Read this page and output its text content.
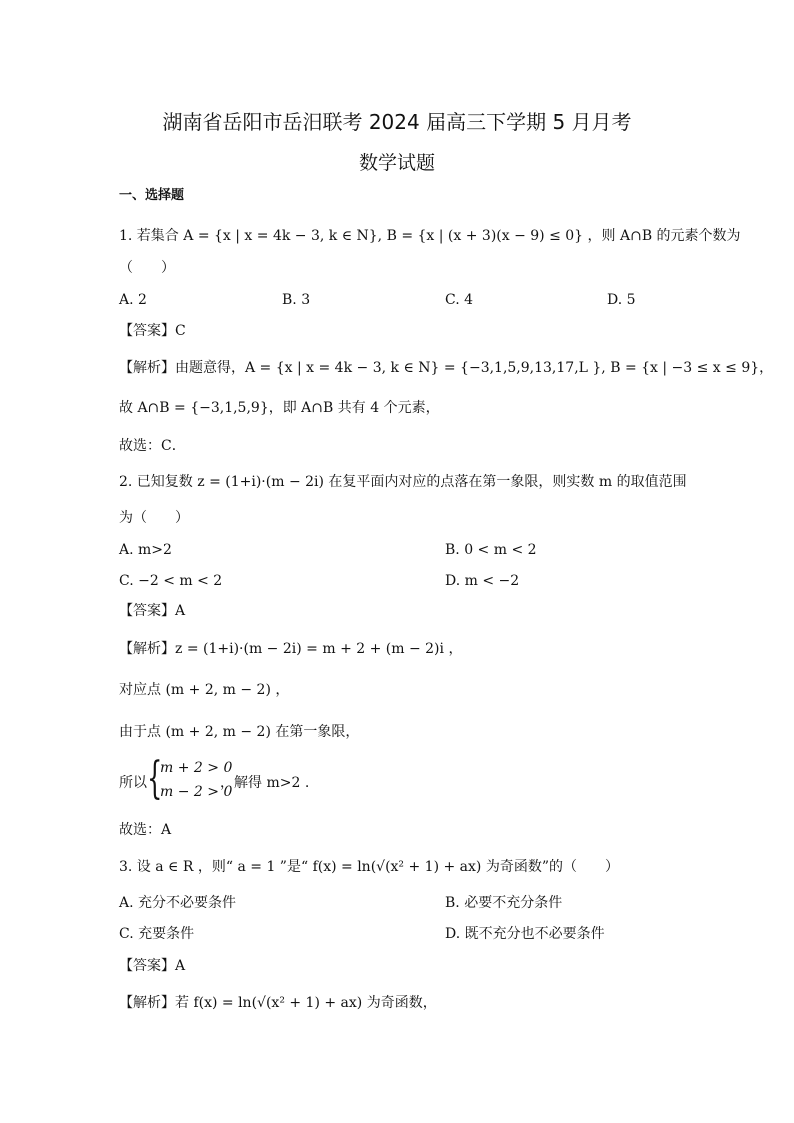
湖南省岳阳市岳汨联考 2024 届高三下学期 5 月月考
数学试题
一、选择题
1. 若集合 A = {x | x = 4k − 3, k ∈ N}, B = {x | (x + 3)(x − 9) ≤ 0} ，则 A∩B 的元素个数为
（　　）
A. 2	B. 3	C. 4	D. 5
【答案】C
【解析】由题意得，A = {x | x = 4k − 3, k ∈ N} = {−3,1,5,9,13,17,L }, B = {x | −3 ≤ x ≤ 9}，
故 A∩B = {−3,1,5,9}，即 A∩B 共有 4 个元素，
故选：C．
2. 已知复数 z = (1+i)·(m − 2i) 在复平面内对应的点落在第一象限，则实数 m 的取值范围
为（　　）
A. m>2	B. 0 < m < 2
C. −2 < m < 2	D. m < −2
【答案】A
【解析】z = (1+i)·(m − 2i) = m + 2 + (m − 2)i ，
对应点 (m + 2, m − 2) ，
由于点 (m + 2, m − 2) 在第一象限，
所以 {
m + 2 > 0
m − 2 > 0
，解得 m>2 .
故选：A
3. 设 a ∈ R ，则“ a = 1 ”是“ f(x) = ln(√(x² + 1) + ax) 为奇函数”的（　　）
A. 充分不必要条件	B. 必要不充分条件
C. 充要条件	D. 既不充分也不必要条件
【答案】A
【解析】若 f(x) = ln(√(x² + 1) + ax) 为奇函数，
